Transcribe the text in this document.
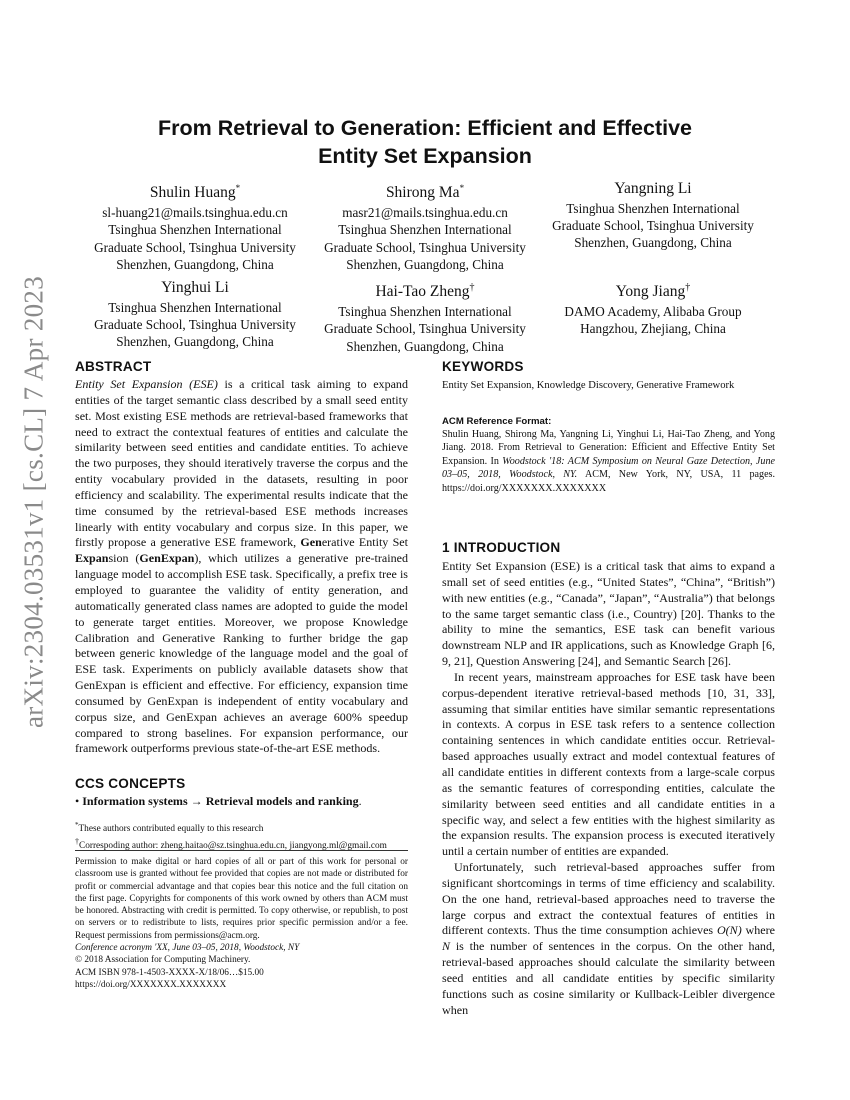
arXiv:2304.03531v1 [cs.CL] 7 Apr 2023
From Retrieval to Generation: Efficient and Effective
Entity Set Expansion
Shulin Huang*
sl-huang21@mails.tsinghua.edu.cn
Tsinghua Shenzhen International
Graduate School, Tsinghua University
Shenzhen, Guangdong, China
Shirong Ma*
masr21@mails.tsinghua.edu.cn
Tsinghua Shenzhen International
Graduate School, Tsinghua University
Shenzhen, Guangdong, China
Yangning Li
Tsinghua Shenzhen International
Graduate School, Tsinghua University
Shenzhen, Guangdong, China
Yinghui Li
Tsinghua Shenzhen International
Graduate School, Tsinghua University
Shenzhen, Guangdong, China
Hai-Tao Zheng†
Tsinghua Shenzhen International
Graduate School, Tsinghua University
Shenzhen, Guangdong, China
Yong Jiang†
DAMO Academy, Alibaba Group
Hangzhou, Zhejiang, China
ABSTRACT

Entity Set Expansion (ESE) is a critical task aiming to expand entities of the target semantic class described by a small seed entity set. Most existing ESE methods are retrieval-based frameworks that need to extract the contextual features of entities and calculate the similarity between seed entities and candidate entities. To achieve the two purposes, they should iteratively traverse the corpus and the entity vocabulary provided in the datasets, resulting in poor efficiency and scalability. The experimental results indicate that the time consumed by the retrieval-based ESE methods increases linearly with entity vocabulary and corpus size. In this paper, we firstly propose a generative ESE framework, Generative Entity Set Expansion (GenExpan), which utilizes a generative pre-trained language model to accomplish ESE task. Specifically, a prefix tree is employed to guarantee the validity of entity generation, and automatically generated class names are adopted to guide the model to generate target entities. Moreover, we propose Knowledge Calibration and Generative Ranking to further bridge the gap between generic knowledge of the language model and the goal of ESE task. Experiments on publicly available datasets show that GenExpan is efficient and effective. For efficiency, expansion time consumed by GenExpan is independent of entity vocabulary and corpus size, and GenExpan achieves an average 600% speedup compared to strong baselines. For expansion performance, our framework outperforms previous state-of-the-art ESE methods.

CCS CONCEPTS

• Information systems → Retrieval models and ranking.

*These authors contributed equally to this research
†Correspoding author: zheng.haitao@sz.tsinghua.edu.cn, jiangyong.ml@gmail.com

Permission to make digital or hard copies of all or part of this work for personal or classroom use is granted without fee provided that copies are not made or distributed for profit or commercial advantage and that copies bear this notice and the full citation on the first page. Copyrights for components of this work owned by others than ACM must be honored. Abstracting with credit is permitted. To copy otherwise, or republish, to post on servers or to redistribute to lists, requires prior specific permission and/or a fee. Request permissions from permissions@acm.org.

Conference acronym 'XX, June 03–05, 2018, Woodstock, NY

© 2018 Association for Computing Machinery.

ACM ISBN 978-1-4503-XXXX-X/18/06…$15.00

https://doi.org/XXXXXXX.XXXXXXX

KEYWORDS

Entity Set Expansion, Knowledge Discovery, Generative Framework

ACM Reference Format:

Shulin Huang, Shirong Ma, Yangning Li, Yinghui Li, Hai-Tao Zheng, and Yong Jiang. 2018. From Retrieval to Generation: Efficient and Effective Entity Set Expansion. In Woodstock '18: ACM Symposium on Neural Gaze Detection, June 03–05, 2018, Woodstock, NY. ACM, New York, NY, USA, 11 pages. https://doi.org/XXXXXXX.XXXXXXX

1 INTRODUCTION

Entity Set Expansion (ESE) is a critical task that aims to expand a small set of seed entities (e.g., “United States”, “China”, “British”) with new entities (e.g., “Canada”, “Japan”, “Australia”) that belongs to the same target semantic class (i.e., Country) [20]. Thanks to the ability to mine the semantics, ESE task can benefit various downstream NLP and IR applications, such as Knowledge Graph [6, 9, 21], Question Answering [24], and Semantic Search [26].

In recent years, mainstream approaches for ESE task have been corpus-dependent iterative retrieval-based methods [10, 31, 33], assuming that similar entities have similar semantic representations in contexts. A corpus in ESE task refers to a sentence collection containing sentences in which candidate entities occur. Retrieval-based approaches usually extract and model contextual features of all candidate entities in different contexts from a large-scale corpus as the semantic features of corresponding entities, calculate the similarity between seed entities and all candidate entities in a specific way, and select a few entities with the highest similarity as the expansion results. The expansion process is executed iteratively until a certain number of entities are expanded.

Unfortunately, such retrieval-based approaches suffer from significant shortcomings in terms of time efficiency and scalability. On the one hand, retrieval-based approaches need to traverse the large corpus and extract the contextual features of entities in different contexts. Thus the time consumption achieves O(N) where N is the number of sentences in the corpus. On the other hand, retrieval-based approaches should calculate the similarity between seed entities and all candidate entities by specific similarity functions such as cosine similarity or Kullback-Leibler divergence when
